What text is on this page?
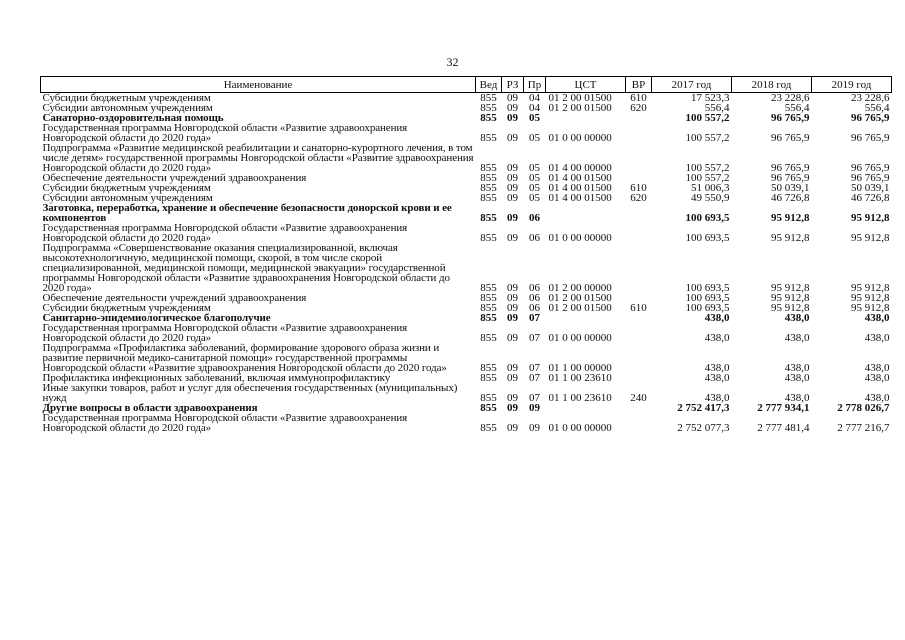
32
Наименование	Вед	РЗ	Пр	ЦСТ	ВР	2017 год	2018 год	2019 год
Субсидии бюджетным учреждениям	855	09	04	01 2 00 01500	610	17 523,3	23 228,6	23 228,6
Субсидии автономным учреждениям	855	09	04	01 2 00 01500	620	556,4	556,4	556,4
Санаторно-оздоровительная помощь	855	09	05			100 557,2	96 765,9	96 765,9
Государственная программа Новгородской области «Развитие здравоохранения Новгородской области до 2020 года»	855	09	05	01 0 00 00000		100 557,2	96 765,9	96 765,9
Подпрограмма «Развитие медицинской реабилитации и санаторно-курортного лечения, в том числе детям» государственной программы Новгородской области «Развитие здравоохранения Новгородской области до 2020 года»	855	09	05	01 4 00 00000		100 557,2	96 765,9	96 765,9
Обеспечение деятельности учреждений здравоохранения	855	09	05	01 4 00 01500		100 557,2	96 765,9	96 765,9
Субсидии бюджетным учреждениям	855	09	05	01 4 00 01500	610	51 006,3	50 039,1	50 039,1
Субсидии автономным учреждениям	855	09	05	01 4 00 01500	620	49 550,9	46 726,8	46 726,8
Заготовка, переработка, хранение и обеспечение безопасности донорской крови и ее компонентов	855	09	06			100 693,5	95 912,8	95 912,8
Государственная программа Новгородской области «Развитие здравоохранения Новгородской области до 2020 года»	855	09	06	01 0 00 00000		100 693,5	95 912,8	95 912,8
Подпрограмма «Совершенствование оказания специализированной, включая высокотехнологичную, медицинской помощи, скорой, в том числе скорой специализированной, медицинской помощи, медицинской эвакуации» государственной программы Новгородской области «Развитие здравоохранения Новгородской области до 2020 года»	855	09	06	01 2 00 00000		100 693,5	95 912,8	95 912,8
Обеспечение деятельности учреждений здравоохранения	855	09	06	01 2 00 01500		100 693,5	95 912,8	95 912,8
Субсидии бюджетным учреждениям	855	09	06	01 2 00 01500	610	100 693,5	95 912,8	95 912,8
Санитарно-эпидемиологическое благополучие	855	09	07			438,0	438,0	438,0
Государственная программа Новгородской области «Развитие здравоохранения Новгородской области до 2020 года»	855	09	07	01 0 00 00000		438,0	438,0	438,0
Подпрограмма «Профилактика заболеваний, формирование здорового образа жизни и развитие первичной медико-санитарной помощи» государственной программы Новгородской области «Развитие здравоохранения Новгородской области до 2020 года»	855	09	07	01 1 00 00000		438,0	438,0	438,0
Профилактика инфекционных заболеваний, включая иммунопрофилактику	855	09	07	01 1 00 23610		438,0	438,0	438,0
Иные закупки товаров, работ и услуг для обеспечения государственных (муниципальных) нужд	855	09	07	01 1 00 23610	240	438,0	438,0	438,0
Другие вопросы в области здравоохранения	855	09	09			2 752 417,3	2 777 934,1	2 778 026,7
Государственная программа Новгородской области «Развитие здравоохранения Новгородской области до 2020 года»	855	09	09	01 0 00 00000		2 752 077,3	2 777 481,4	2 777 216,7
